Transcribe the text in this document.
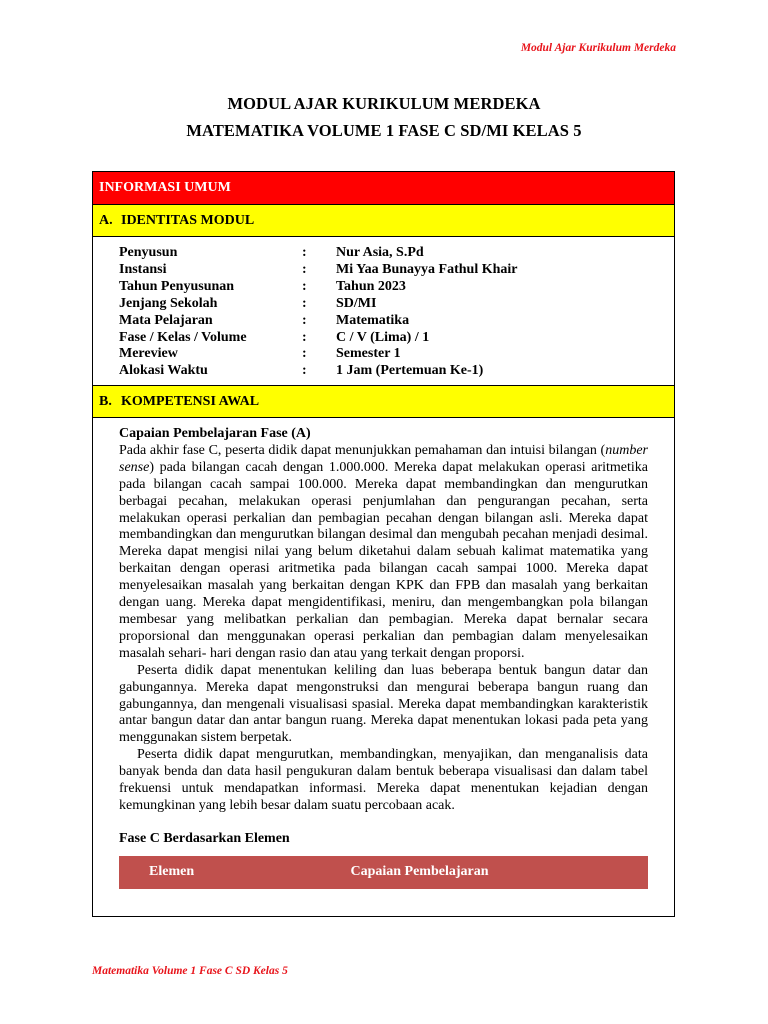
Modul Ajar Kurikulum Merdeka
MODUL AJAR KURIKULUM MERDEKA
MATEMATIKA VOLUME 1 FASE C SD/MI KELAS 5
INFORMASI UMUM
A. IDENTITAS MODUL
Penyusun	:	Nur Asia, S.Pd
Instansi	:	Mi Yaa Bunayya Fathul Khair
Tahun Penyusunan	:	Tahun 2023
Jenjang Sekolah	:	SD/MI
Mata Pelajaran	:	Matematika
Fase / Kelas / Volume	:	C / V (Lima) / 1
Mereview	:	Semester 1
Alokasi Waktu	:	1 Jam (Pertemuan Ke-1)
B. KOMPETENSI AWAL
Capaian Pembelajaran Fase (A)

Pada akhir fase C, peserta didik dapat menunjukkan pemahaman dan intuisi bilangan (number sense) pada bilangan cacah dengan 1.000.000. Mereka dapat melakukan operasi aritmetika pada bilangan cacah sampai 100.000. Mereka dapat membandingkan dan mengurutkan berbagai pecahan, melakukan operasi penjumlahan dan pengurangan pecahan, serta melakukan operasi perkalian dan pembagian pecahan dengan bilangan asli. Mereka dapat membandingkan dan mengurutkan bilangan desimal dan mengubah pecahan menjadi desimal. Mereka dapat mengisi nilai yang belum diketahui dalam sebuah kalimat matematika yang berkaitan dengan operasi aritmetika pada bilangan cacah sampai 1000. Mereka dapat menyelesaikan masalah yang berkaitan dengan KPK dan FPB dan masalah yang berkaitan dengan uang. Mereka dapat mengidentifikasi, meniru, dan mengembangkan pola bilangan membesar yang melibatkan perkalian dan pembagian. Mereka dapat bernalar secara proporsional dan menggunakan operasi perkalian dan pembagian dalam menyelesaikan masalah sehari- hari dengan rasio dan atau yang terkait dengan proporsi.

Peserta didik dapat menentukan keliling dan luas beberapa bentuk bangun datar dan gabungannya. Mereka dapat mengonstruksi dan mengurai beberapa bangun ruang dan gabungannya, dan mengenali visualisasi spasial. Mereka dapat membandingkan karakteristik antar bangun datar dan antar bangun ruang. Mereka dapat menentukan lokasi pada peta yang menggunakan sistem berpetak.

Peserta didik dapat mengurutkan, membandingkan, menyajikan, dan menganalisis data banyak benda dan data hasil pengukuran dalam bentuk beberapa visualisasi dan dalam tabel frekuensi untuk mendapatkan informasi. Mereka dapat menentukan kejadian dengan kemungkinan yang lebih besar dalam suatu percobaan acak.

Fase C Berdasarkan Elemen
Elemen	Capaian Pembelajaran
Matematika Volume 1 Fase C SD Kelas 5
